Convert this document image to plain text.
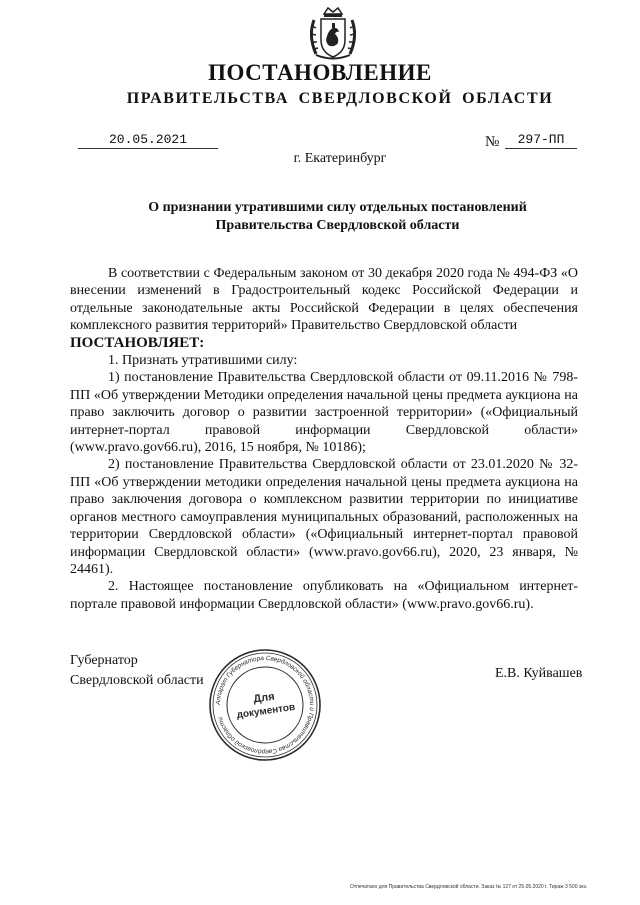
ПОСТАНОВЛЕНИЕ
ПРАВИТЕЛЬСТВА СВЕРДЛОВСКОЙ ОБЛАСТИ
20.05.2021	№	297-ПП
г. Екатеринбург
О признании утратившими силу отдельных постановлений
Правительства Свердловской области

В соответствии с Федеральным законом от 30 декабря 2020 года № 494-ФЗ «О внесении изменений в Градостроительный кодекс Российской Федерации и отдельные законодательные акты Российской Федерации в целях обеспечения комплексного развития территорий» Правительство Свердловской области

ПОСТАНОВЛЯЕТ:

1. Признать утратившими силу:

1) постановление Правительства Свердловской области от 09.11.2016 № 798-ПП «Об утверждении Методики определения начальной цены предмета аукциона на право заключить договор о развитии застроенной территории» («Официальный интернет-портал правовой информации Свердловской области» (www.pravo.gov66.ru), 2016, 15 ноября, № 10186);

2) постановление Правительства Свердловской области от 23.01.2020 № 32-ПП «Об утверждении методики определения начальной цены предмета аукциона на право заключения договора о комплексном развитии территории по инициативе органов местного самоуправления муниципальных образований, расположенных на территории Свердловской области» («Официальный интернет-портал правовой информации Свердловской области» (www.pravo.gov66.ru), 2020, 23 января, № 24461).

2. Настоящее постановление опубликовать на «Официальном интернет-портале правовой информации Свердловской области» (www.pravo.gov66.ru).

Губернатор
Свердловской области
Аппарат Губернатора Свердловской области и Правительства Свердловской области
Для
документов
Е.В. Куйвашев
Отпечатано для Правительства Свердловской области. Заказ № 127 от 25.05.2020 г. Тираж 3 500 экз.
